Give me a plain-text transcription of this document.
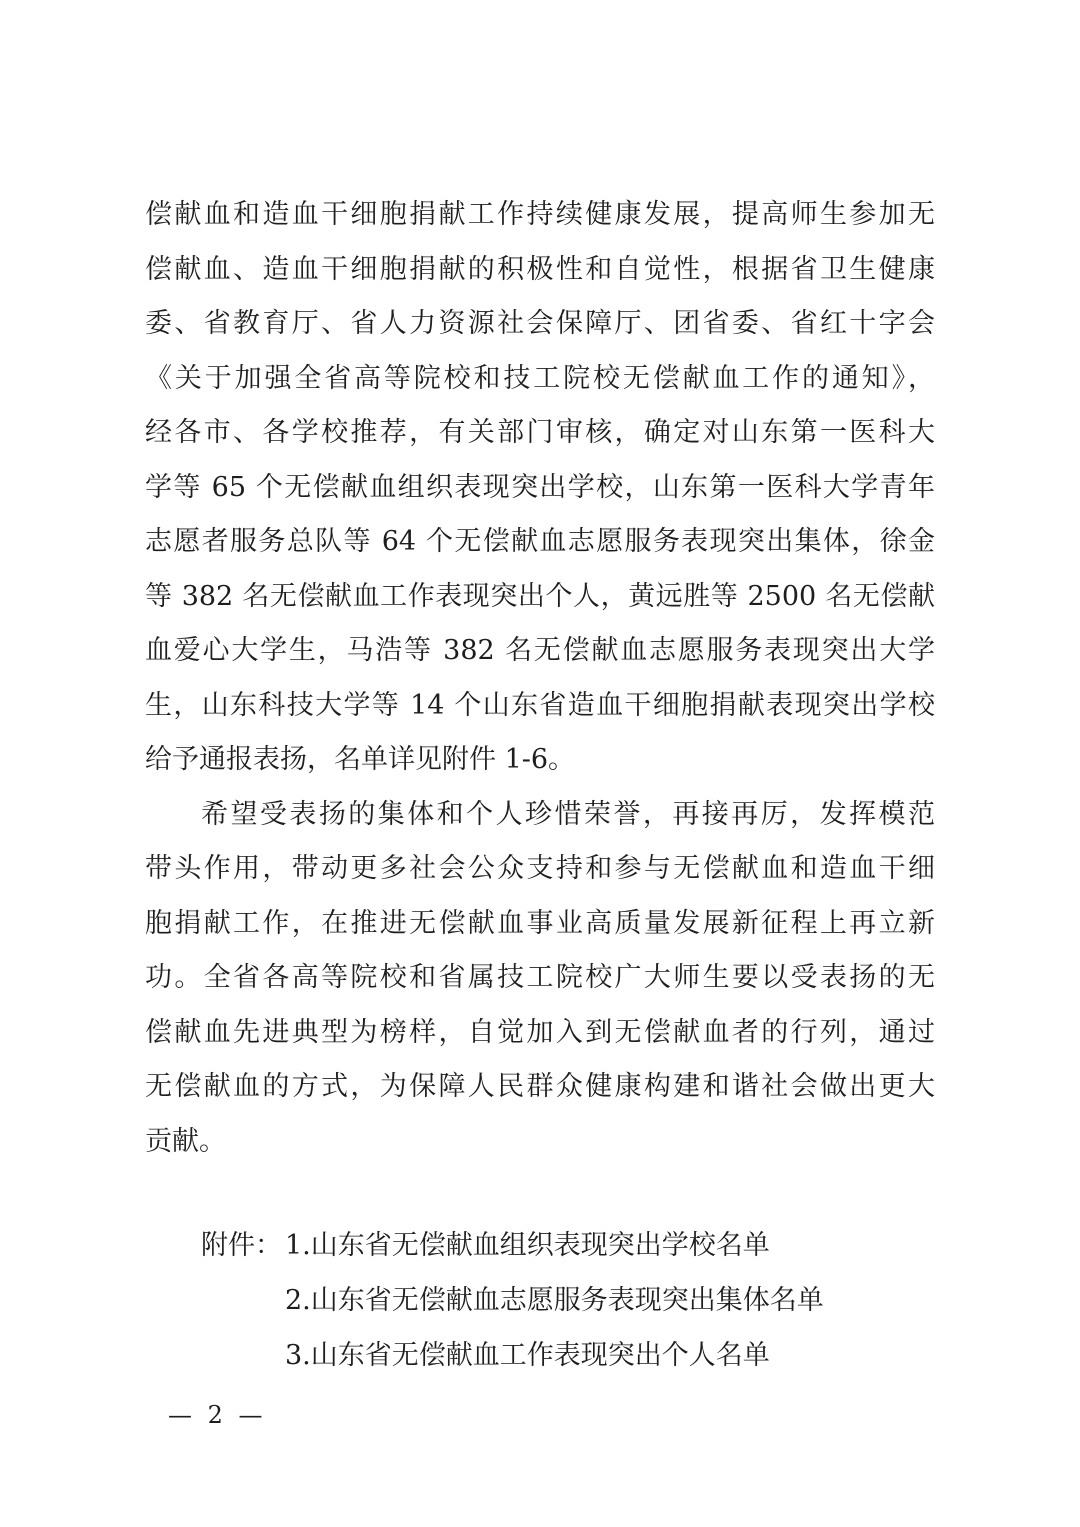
偿献血和造血干细胞捐献工作持续健康发展，提高师生参加无
偿献血、造血干细胞捐献的积极性和自觉性，根据省卫生健康
委、省教育厅、省人力资源社会保障厅、团省委、省红十字会
《关于加强全省高等院校和技工院校无偿献血工作的通知》，
经各市、各学校推荐，有关部门审核，确定对山东第一医科大
学等 65 个无偿献血组织表现突出学校，山东第一医科大学青年
志愿者服务总队等 64 个无偿献血志愿服务表现突出集体，徐金
等 382 名无偿献血工作表现突出个人，黄远胜等 2500 名无偿献
血爱心大学生，马浩等 382 名无偿献血志愿服务表现突出大学
生，山东科技大学等 14 个山东省造血干细胞捐献表现突出学校
给予通报表扬，名单详见附件 1-6。
希望受表扬的集体和个人珍惜荣誉，再接再厉，发挥模范
带头作用，带动更多社会公众支持和参与无偿献血和造血干细
胞捐献工作，在推进无偿献血事业高质量发展新征程上再立新
功。全省各高等院校和省属技工院校广大师生要以受表扬的无
偿献血先进典型为榜样，自觉加入到无偿献血者的行列，通过
无偿献血的方式，为保障人民群众健康构建和谐社会做出更大
贡献。
附件： 1.山东省无偿献血组织表现突出学校名单
2.山东省无偿献血志愿服务表现突出集体名单
3.山东省无偿献血工作表现突出个人名单
— 2 —
